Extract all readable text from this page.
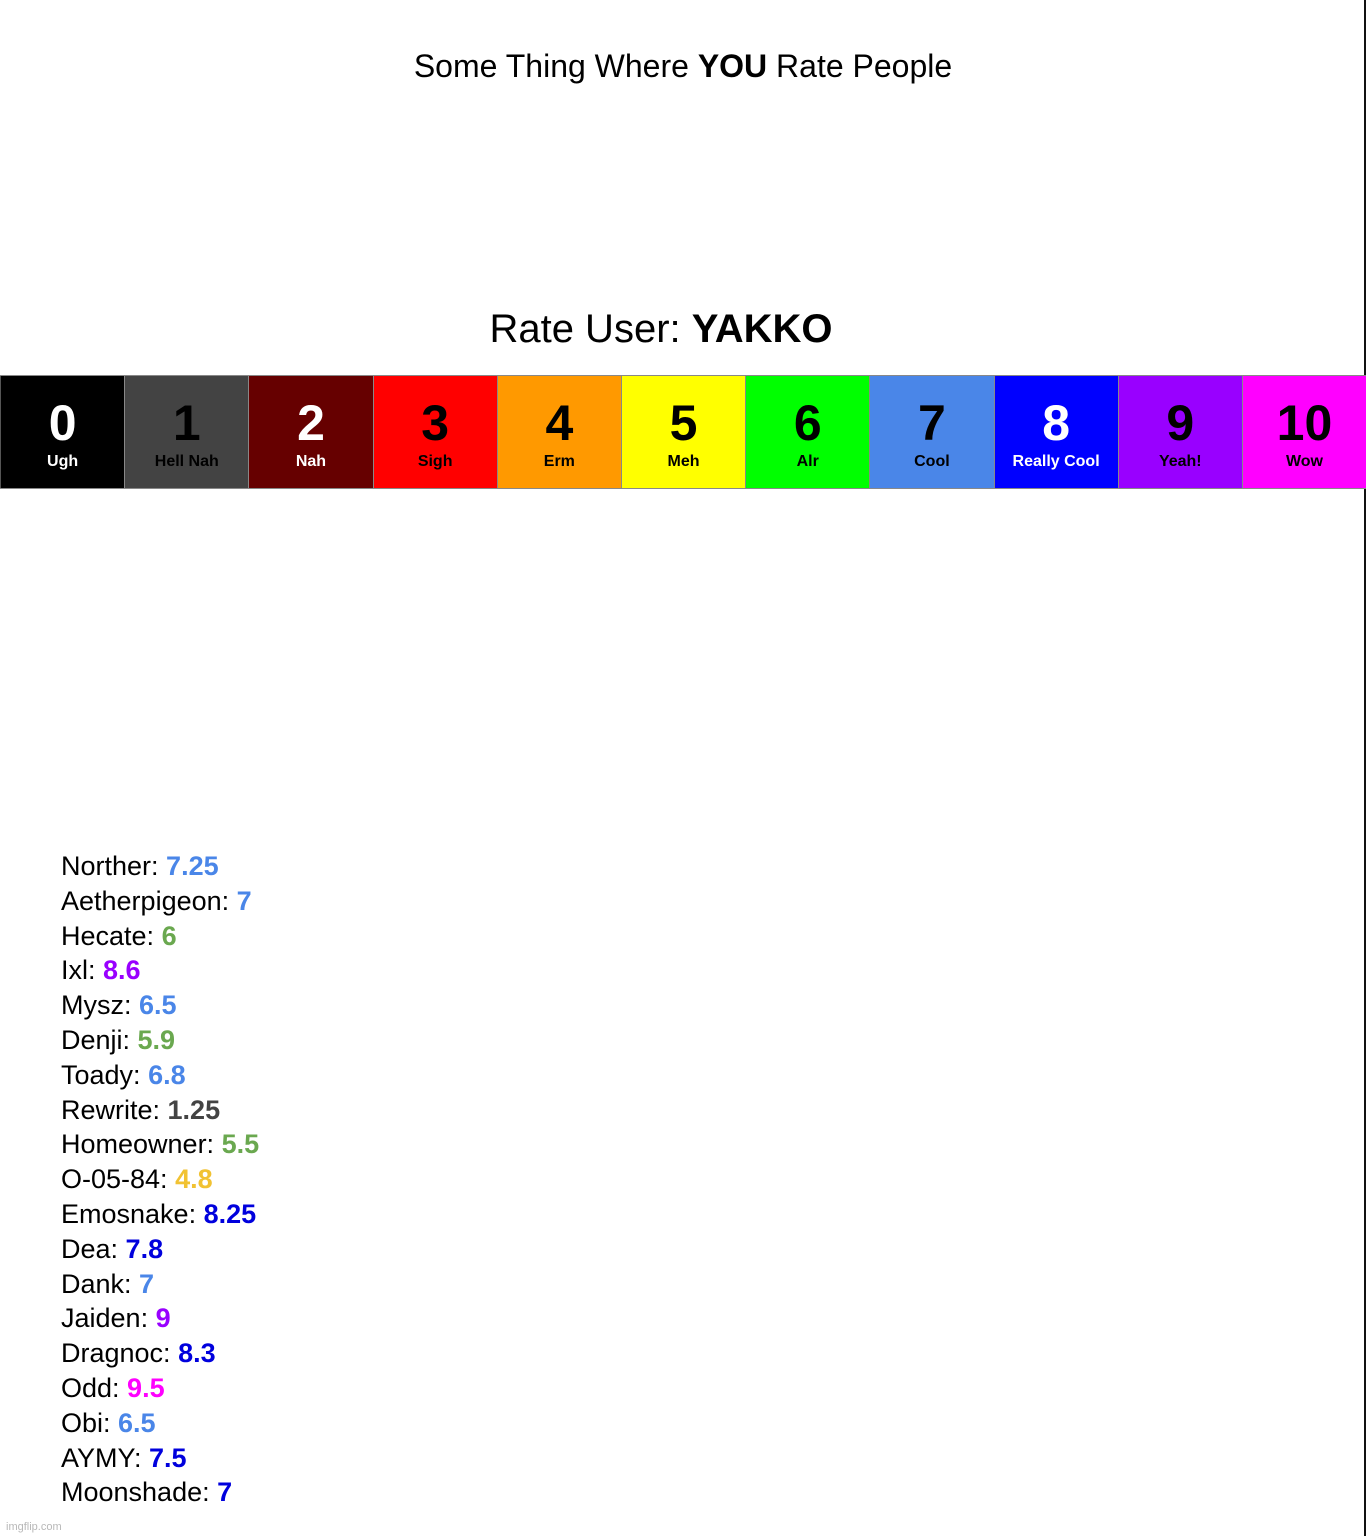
Some Thing Where YOU Rate People
Rate User: YAKKO
0
Ugh
1
Hell Nah
2
Nah
3
Sigh
4
Erm
5
Meh
6
Alr
7
Cool
8
Really Cool
9
Yeah!
10
Wow
Norther: 7.25
Aetherpigeon: 7
Hecate: 6
Ixl: 8.6
Mysz: 6.5
Denji: 5.9
Toady: 6.8
Rewrite: 1.25
Homeowner: 5.5
O-05-84: 4.8
Emosnake: 8.25
Dea: 7.8
Dank: 7
Jaiden: 9
Dragnoc: 8.3
Odd: 9.5
Obi: 6.5
AYMY: 7.5
Moonshade: 7
imgflip.com
